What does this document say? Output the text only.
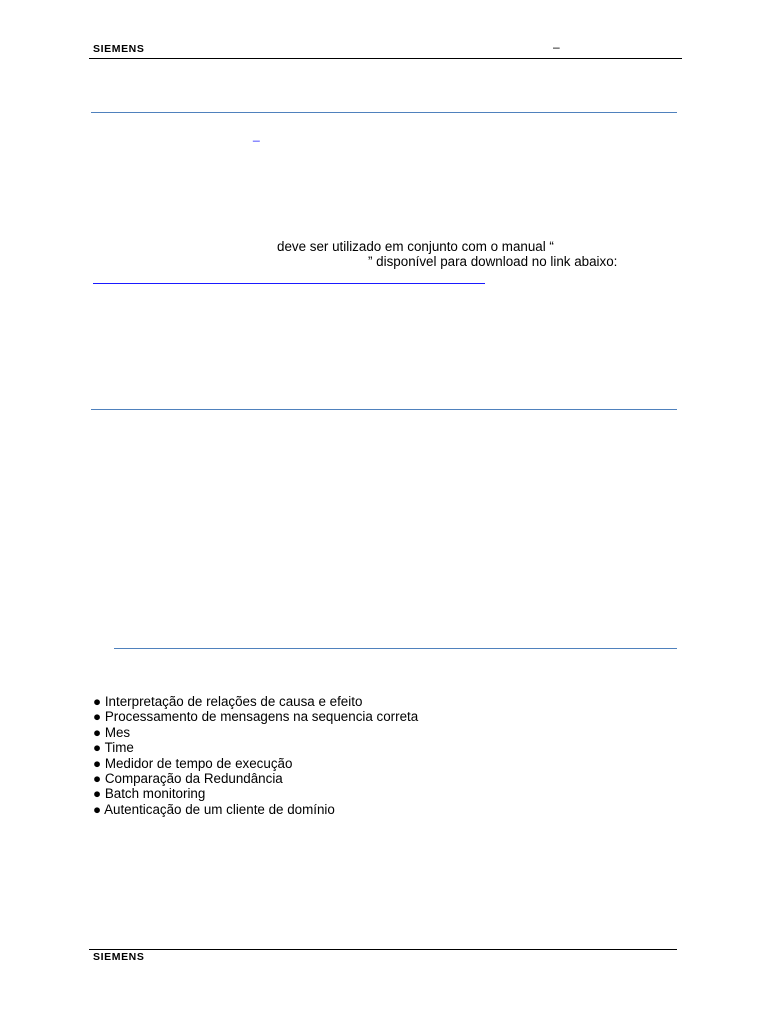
SIEMENS	–
_
deve ser utilizado em conjunto com o manual “
” disponível para download no link abaixo:
● Interpretação de relações de causa e efeito
● Processamento de mensagens na sequencia correta
● Mes
● Time
● Medidor de tempo de execução
● Comparação da Redundância
● Batch monitoring
● Autenticação de um cliente de domínio
SIEMENS
